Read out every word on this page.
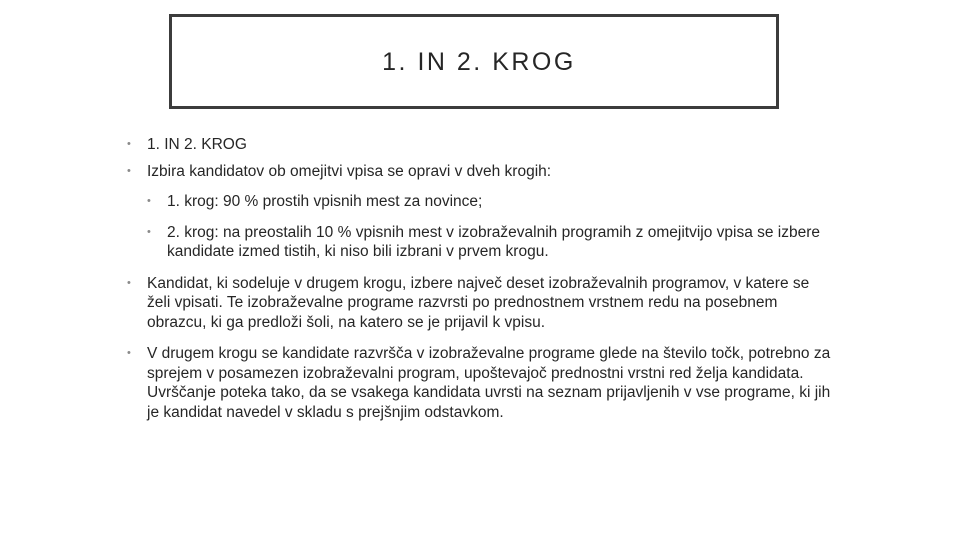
1. IN 2. KROG
• 1. IN 2. KROG
• Izbira kandidatov ob omejitvi vpisa se opravi v dveh krogih:
• 1. krog: 90 % prostih vpisnih mest za novince;
• 2. krog: na preostalih 10 % vpisnih mest v izobraževalnih programih z omejitvijo vpisa se izbere kandidate izmed tistih, ki niso bili izbrani v prvem krogu.
• Kandidat, ki sodeluje v drugem krogu, izbere največ deset izobraževalnih programov, v katere se želi vpisati. Te izobraževalne programe razvrsti po prednostnem vrstnem redu na posebnem obrazcu, ki ga predloži šoli, na katero se je prijavil k vpisu.
• V drugem krogu se kandidate razvršča v izobraževalne programe glede na število točk, potrebno za sprejem v posamezen izobraževalni program, upoštevajoč prednostni vrstni red želja kandidata. Uvrščanje poteka tako, da se vsakega kandidata uvrsti na seznam prijavljenih v vse programe, ki jih je kandidat navedel v skladu s prejšnjim odstavkom.
